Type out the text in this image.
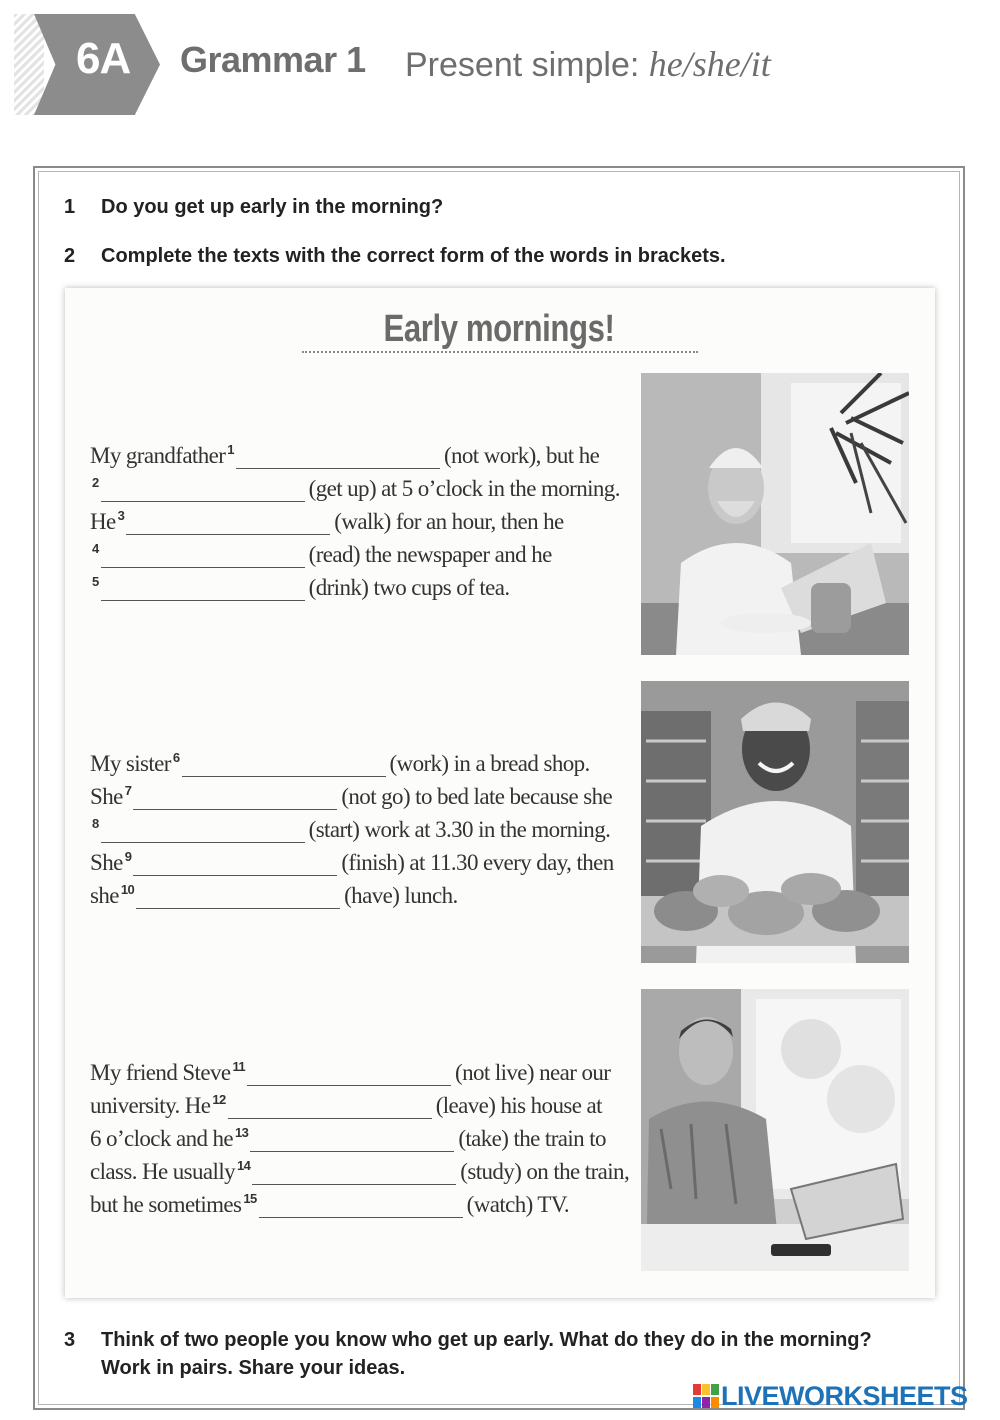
6A Grammar 1 Present simple: he/she/it
1 Do you get up early in the morning?
2 Complete the texts with the correct form of the words in brackets.
Early mornings!
My grandfather $^1$	(not work), but he
$^2$	(get up) at 5 o’clock in the morning.
He $^3$	(walk) for an hour, then he
$^4$	(read) the newspaper and he
$^5$	(drink) two cups of tea.
My sister $^6$	(work) in a bread shop.
She $^7$	(not go) to bed late because she
$^8$	(start) work at 3.30 in the morning.
She $^9$	(finish) at 11.30 every day, then
she $^{10}$	(have) lunch.
My friend Steve $^{11}$	(not live) near our
university. He $^{12}$	(leave) his house at
6 o’clock and he $^{13}$	(take) the train to
class. He usually $^{14}$	(study) on the train,
but he sometimes $^{15}$	(watch) TV.
3 Think of two people you know who get up early. What do they do in the morning?
Work in pairs. Share your ideas.
LIVEWORKSHEETS
